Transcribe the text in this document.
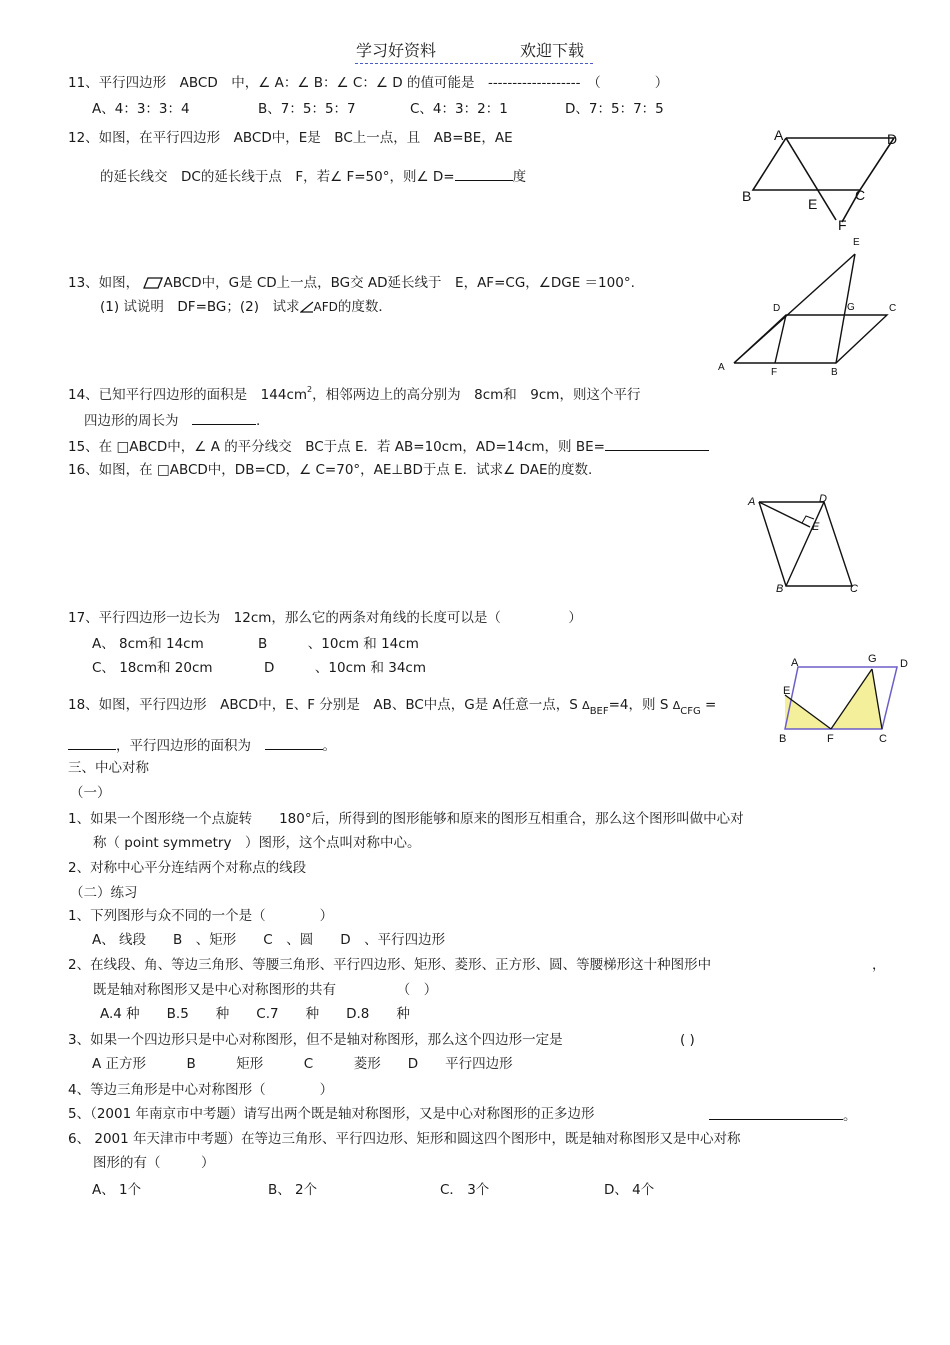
学习好资料	欢迎下载
11、平行四边形　ABCD　中，∠ A：∠ B：∠ C：∠ D 的值可能是　-------------------　（　　　　）
A、4：3：3：4	B、7：5：5：7	C、4：3：2：1	D、7：5：7：5
12、如图，在平行四边形　ABCD中，E是　BC上一点，且　AB=BE，AE
的延长线交　DC的延长线于点　F，若∠ F=50°，则∠ D=	度
A	D
B	C
E
F
13、如图， ABCD中，G是 CD上一点，BG交 AD延长线于　E，AF=CG，∠DGE ＝100°.
(1) 试说明　DF=BG；(2)　试求 AFD的度数．
A	F	B
C
D	G
E
14、已知平行四边形的面积是　$144cm^2$，相邻两边上的高分别为　8cm和　9cm，则这个平行
四边形的周长为　	.
15、在 □ABCD中，∠ A 的平分线交　BC于点 E．若 AB=10cm，AD=14cm，则 BE=
16、如图，在 □ABCD中，DB=CD，∠ C=70°，AE⊥BD于点 E．试求∠ DAE的度数.
A	D
E
B	C
17、平行四边形一边长为　12cm，那么它的两条对角线的长度可以是（　　　　　）
A、 8cm和 14cm	B　　　、10cm 和 14cm
C、 18cm和 20cm	D　　　、10cm 和 34cm
18、如图，平行四边形　ABCD中，E、F 分别是　AB、BC中点，G是 A任意一点，S $\Delta_{BEF}=4$，则 S $\Delta_{CFG}$ =
，平行四边形的面积为　	。
A	G D
E
B	F	C
三、中心对称
（一）
1、如果一个图形绕一个点旋转　　180°后，所得到的图形能够和原来的图形互相重合，那么这个图形叫做中心对
称（ point symmetry　）图形，这个点叫对称中心。
2、对称中心平分连结两个对称点的线段
（二）练习
1、下列图形与众不同的一个是（　　　　）
A、 线段　　B　、矩形　　C　、圆　　D　、平行四边形
2、在线段、角、等边三角形、等腰三角形、平行四边形、矩形、菱形、正方形、圆、等腰梯形这十种图形中	，
既是轴对称图形又是中心对称图形的共有　　　　　（　）
A.4 种　　B.5　　种　　C.7　　种　　D.8　　种
3、如果一个四边形只是中心对称图形，但不是轴对称图形，那么这个四边形一定是	( )
A 正方形　　　B　　　矩形　　　C　　　菱形　　D　　平行四边形
4、等边三角形是中心对称图形（　　　　）
5、（2001 年南京市中考题）请写出两个既是轴对称图形，又是中心对称图形的正多边形	。
6、 2001 年天津市中考题）在等边三角形、平行四边形、矩形和圆这四个图形中，既是轴对称图形又是中心对称
图形的有（　　　）
A、 1个	B、 2个	C． 3个	D、 4个
